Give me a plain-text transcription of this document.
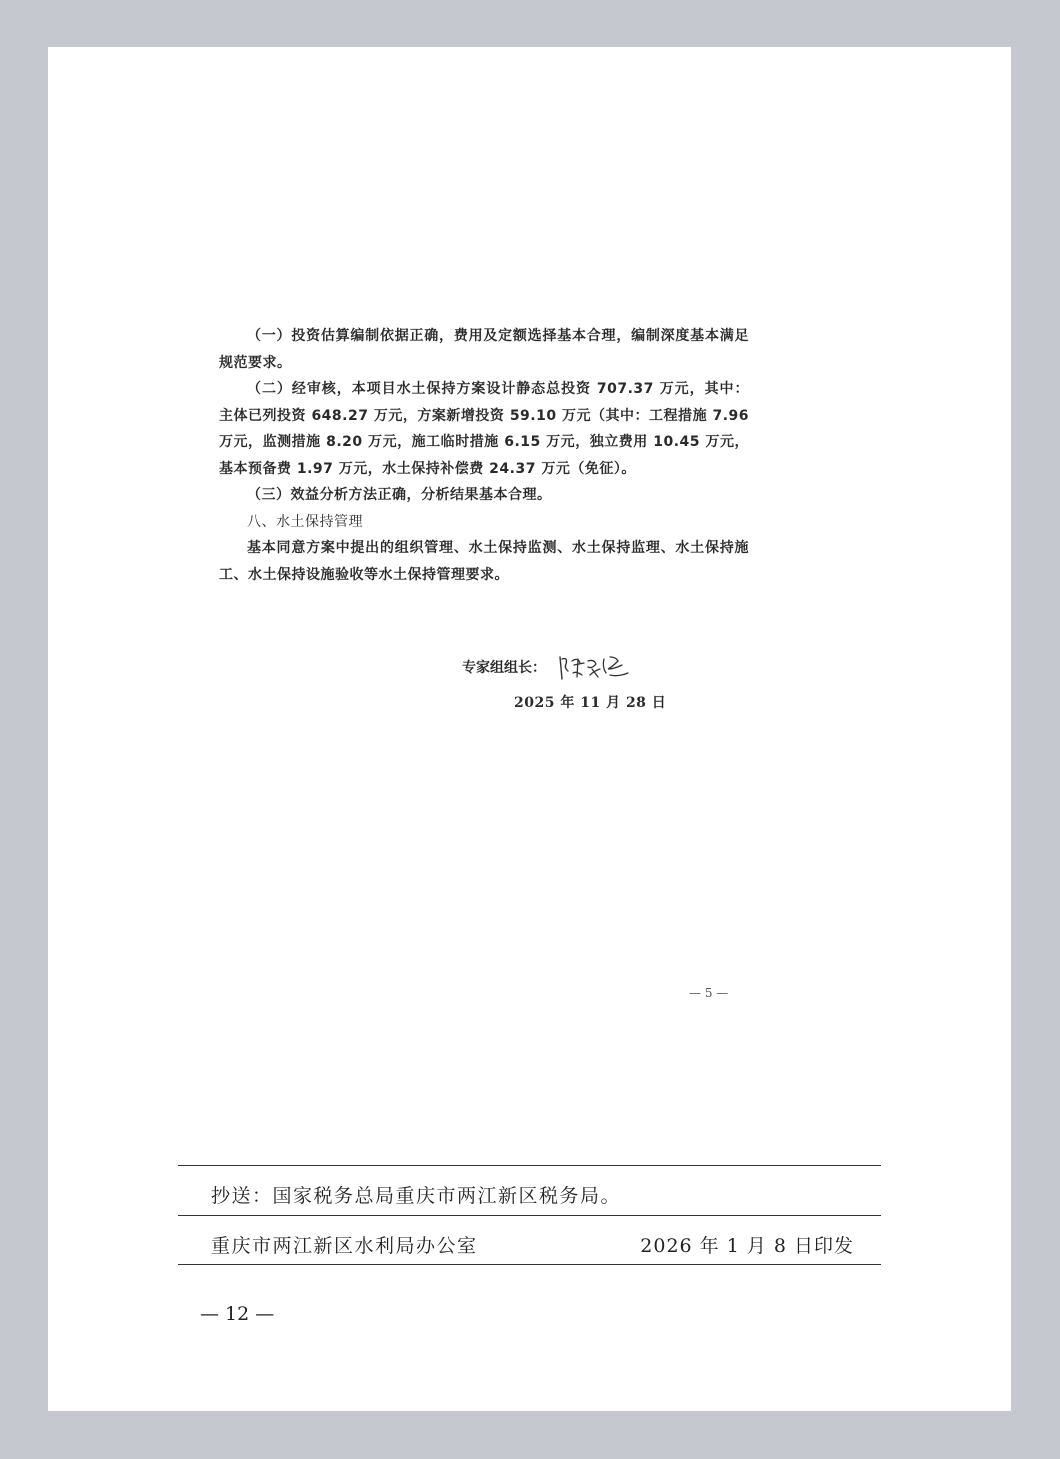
（一）投资估算编制依据正确，费用及定额选择基本合理，编制深度基本满足规范要求。

（二）经审核，本项目水土保持方案设计静态总投资 707.37 万元，其中：主体已列投资 648.27 万元，方案新增投资 59.10 万元（其中：工程措施 7.96 万元，监测措施 8.20 万元，施工临时措施 6.15 万元，独立费用 10.45 万元，基本预备费 1.97 万元，水土保持补偿费 24.37 万元（免征）。

（三）效益分析方法正确，分析结果基本合理。

八、水土保持管理

基本同意方案中提出的组织管理、水土保持监测、水土保持监理、水土保持施工、水土保持设施验收等水土保持管理要求。

专家组组长：
2025 年 11 月 28 日
— 5 —
抄送：国家税务总局重庆市两江新区税务局。
重庆市两江新区水利局办公室	2026 年 1 月 8 日印发
— 12 —
